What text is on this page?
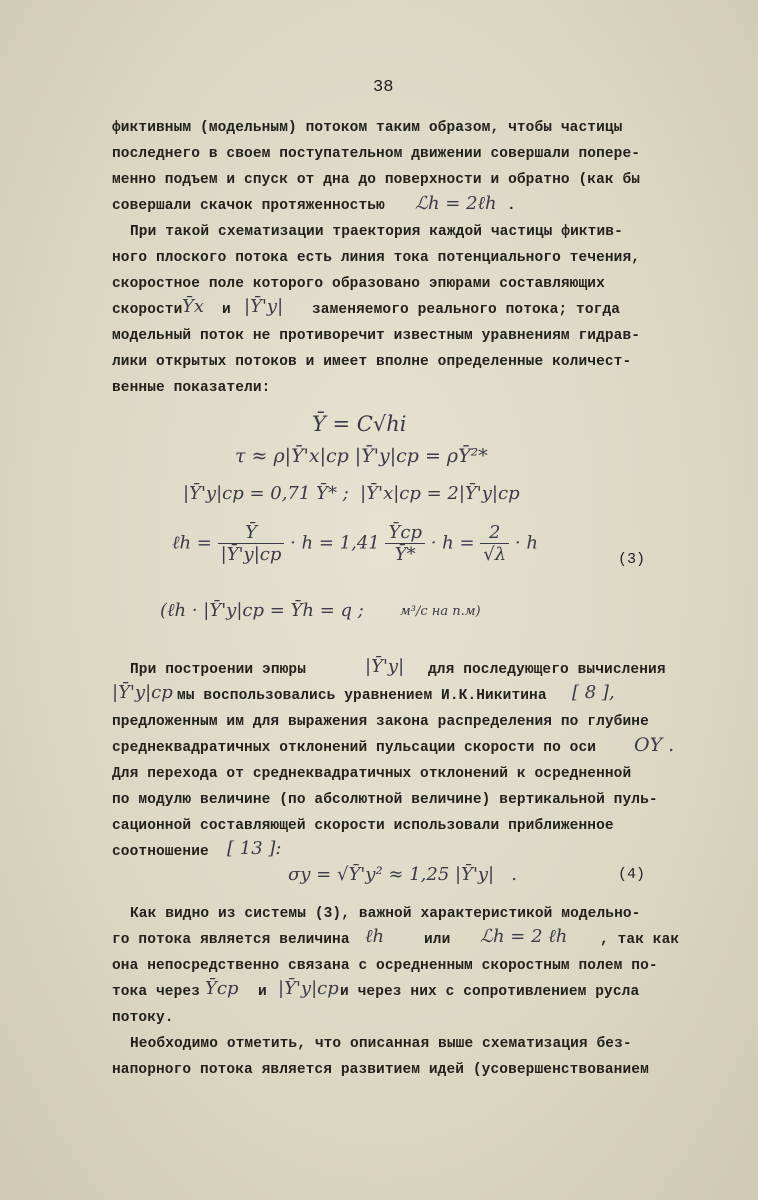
38
фиктивным (модельным) потоком таким образом, чтобы частицы
последнего в своем поступательном движении совершали попере-
менно подъем и спуск от дна до поверхности и обратно (как бы
совершали скачок протяженностью ℒh = 2ℓh .
При такой схематизации траектория каждой частицы фиктив-
ного плоского потока есть линия тока потенциального течения,
скоростное поле которого образовано эпюрами составляющих
скорости Ῡx и |Ῡ'y| заменяемого реального потока; тогда
модельный поток не противоречит известным уравнениям гидрав-
лики открытых потоков и имеет вполне определенные количест-
венные показатели:
Ῡ = C√hi
τ ≈ ρ|Ῡ'x|cp |Ῡ'y|cp = ρῩ²*
|Ῡ'y|cp = 0,71 Ῡ* ;  |Ῡ'x|cp = 2|Ῡ'y|cp
ℓh = $\frac{\text{Ῡ}}{\text{|Ῡ'y|cp}} \cdot h = 1,41 \frac{\text{Ῡcp}}{\text{Ῡ*}} \cdot h = \frac{2}{√\lambda} \cdot h$
(3)
(ℓh · |Ῡ'y|cp = Ῡh = q ;	м³/с на п.м)
При построении эпюры	|Ῡ'y| для последующего вычисления
|Ῡ'y|cp мы воспользовались уравнением И.К.Никитина [ 8 ],
предложенным им для выражения закона распределения по глубине
среднеквадратичных отклонений пульсации скорости по оси OY .
Для перехода от среднеквадратичных отклонений к осредненной
по модулю величине (по абсолютной величине) вертикальной пуль-
сационной составляющей скорости использовали приближенное
соотношение [ 13 ]:
σy = √Ῡ'y² ≈ 1,25 |Ῡ'y|   .	(4)
Как видно из системы (3), важной характеристикой модельно-
го потока является величина ℓh	или ℒh = 2 ℓh , так как
она непосредственно связана с осредненным скоростным полем по-
тока через Ῡcp и |Ῡ'y|cp и через них с сопротивлением русла
потоку.
Необходимо отметить, что описанная выше схематизация без-
напорного потока является развитием идей (усовершенствованием
